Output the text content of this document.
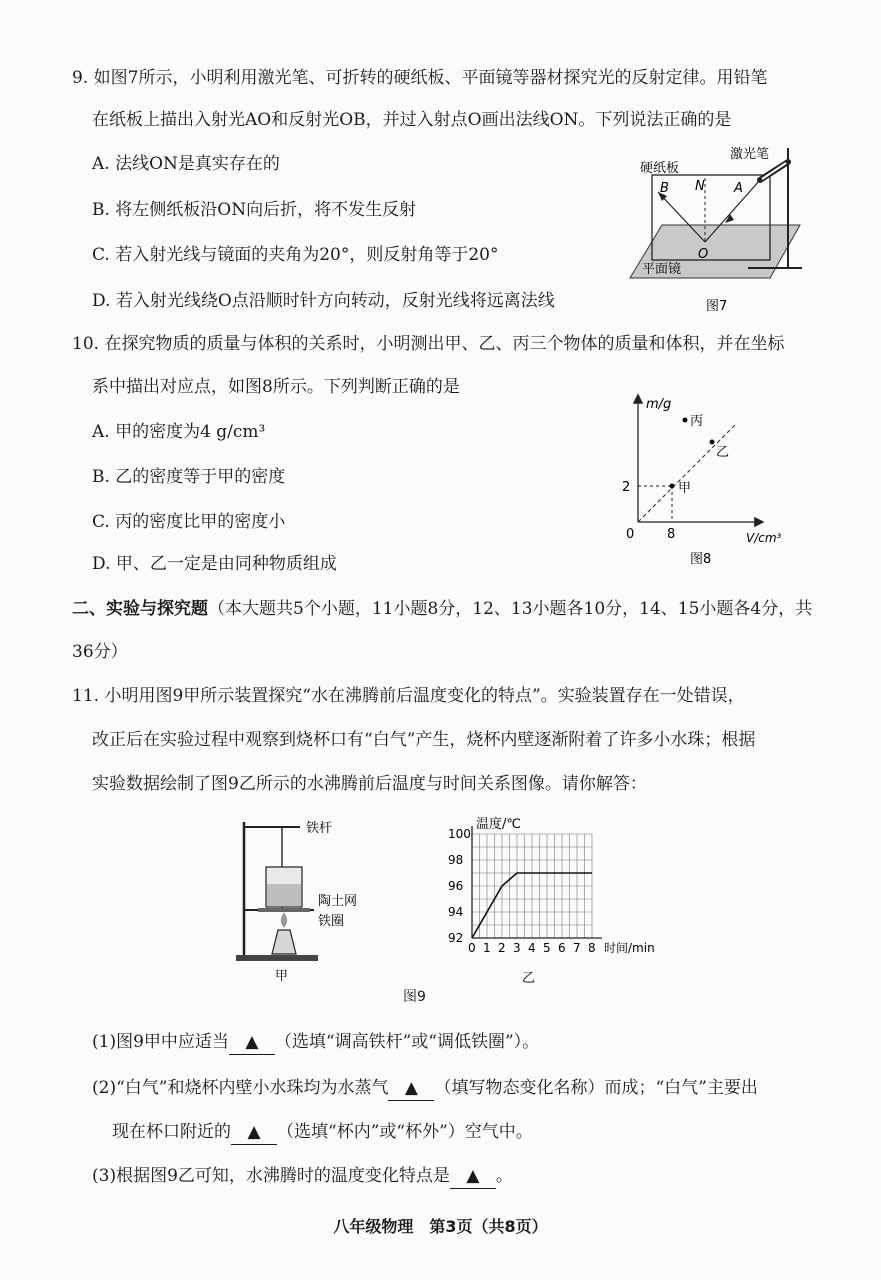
9. 如图7所示，小明利用激光笔、可折转的硬纸板、平面镜等器材探究光的反射定律。用铅笔
在纸板上描出入射光AO和反射光OB，并过入射点O画出法线ON。下列说法正确的是
A. 法线ON是真实存在的
B. 将左侧纸板沿ON向后折，将不发生反射
C. 若入射光线与镜面的夹角为20°，则反射角等于20°
D. 若入射光线绕O点沿顺时针方向转动，反射光线将远离法线
硬纸板
激光笔
B N A
O
平面镜
图7
10. 在探究物质的质量与体积的关系时，小明测出甲、乙、丙三个物体的质量和体积，并在坐标
系中描出对应点，如图8所示。下列判断正确的是
A. 甲的密度为4 g/cm³
B. 乙的密度等于甲的密度
C. 丙的密度比甲的密度小
D. 甲、乙一定是由同种物质组成
m/g
V/cm³
0
2
8
甲
乙
丙
图8
二、实验与探究题（本大题共5个小题，11小题8分，12、13小题各10分，14、15小题各4分，共
36分）
11. 小明用图9甲所示装置探究“水在沸腾前后温度变化的特点”。实验装置存在一处错误，
改正后在实验过程中观察到烧杯口有“白气”产生，烧杯内壁逐渐附着了许多小水珠；根据
实验数据绘制了图9乙所示的水沸腾前后温度与时间关系图像。请你解答：
铁杆
陶土网
铁圈
甲
0 1 2 3 4 5 6 7 8
92
94
96
98
100
温度/℃
时间/min
乙
图9
(1)图9甲中应适当 ▲ （选填“调高铁杆”或“调低铁圈”）。
(2)“白气”和烧杯内壁小水珠均为水蒸气 ▲ （填写物态变化名称）而成；“白气”主要出
现在杯口附近的 ▲ （选填“杯内”或“杯外”）空气中。
(3)根据图9乙可知，水沸腾时的温度变化特点是 ▲ 。
八年级物理　第3页（共8页）
